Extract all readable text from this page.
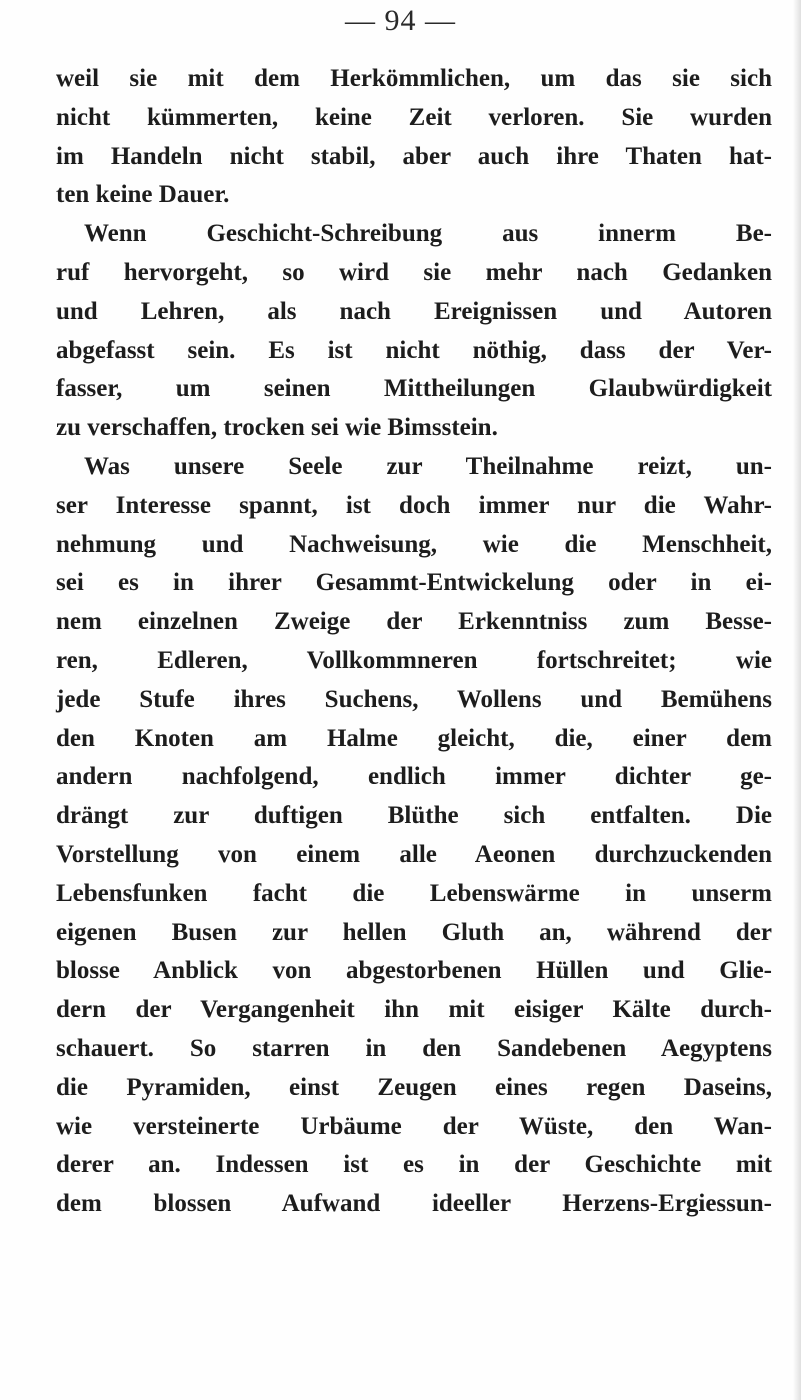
— 94 —
weil sie mit dem Herkömmlichen, um das sie sich
nicht kümmerten, keine Zeit verloren. Sie wurden
im Handeln nicht stabil, aber auch ihre Thaten hat-
ten keine Dauer.
Wenn Geschicht-Schreibung aus innerm Be-
ruf hervorgeht, so wird sie mehr nach Gedanken
und Lehren, als nach Ereignissen und Autoren
abgefasst sein. Es ist nicht nöthig, dass der Ver-
fasser, um seinen Mittheilungen Glaubwürdigkeit
zu verschaffen, trocken sei wie Bimsstein.
Was unsere Seele zur Theilnahme reizt, un-
ser Interesse spannt, ist doch immer nur die Wahr-
nehmung und Nachweisung, wie die Menschheit,
sei es in ihrer Gesammt-Entwickelung oder in ei-
nem einzelnen Zweige der Erkenntniss zum Besse-
ren, Edleren, Vollkommneren fortschreitet; wie
jede Stufe ihres Suchens, Wollens und Bemühens
den Knoten am Halme gleicht, die, einer dem
andern nachfolgend, endlich immer dichter ge-
drängt zur duftigen Blüthe sich entfalten. Die
Vorstellung von einem alle Aeonen durchzuckenden
Lebensfunken facht die Lebenswärme in unserm
eigenen Busen zur hellen Gluth an, während der
blosse Anblick von abgestorbenen Hüllen und Glie-
dern der Vergangenheit ihn mit eisiger Kälte durch-
schauert. So starren in den Sandebenen Aegyptens
die Pyramiden, einst Zeugen eines regen Daseins,
wie versteinerte Urbäume der Wüste, den Wan-
derer an. Indessen ist es in der Geschichte mit
dem blossen Aufwand ideeller Herzens-Ergiessun-
